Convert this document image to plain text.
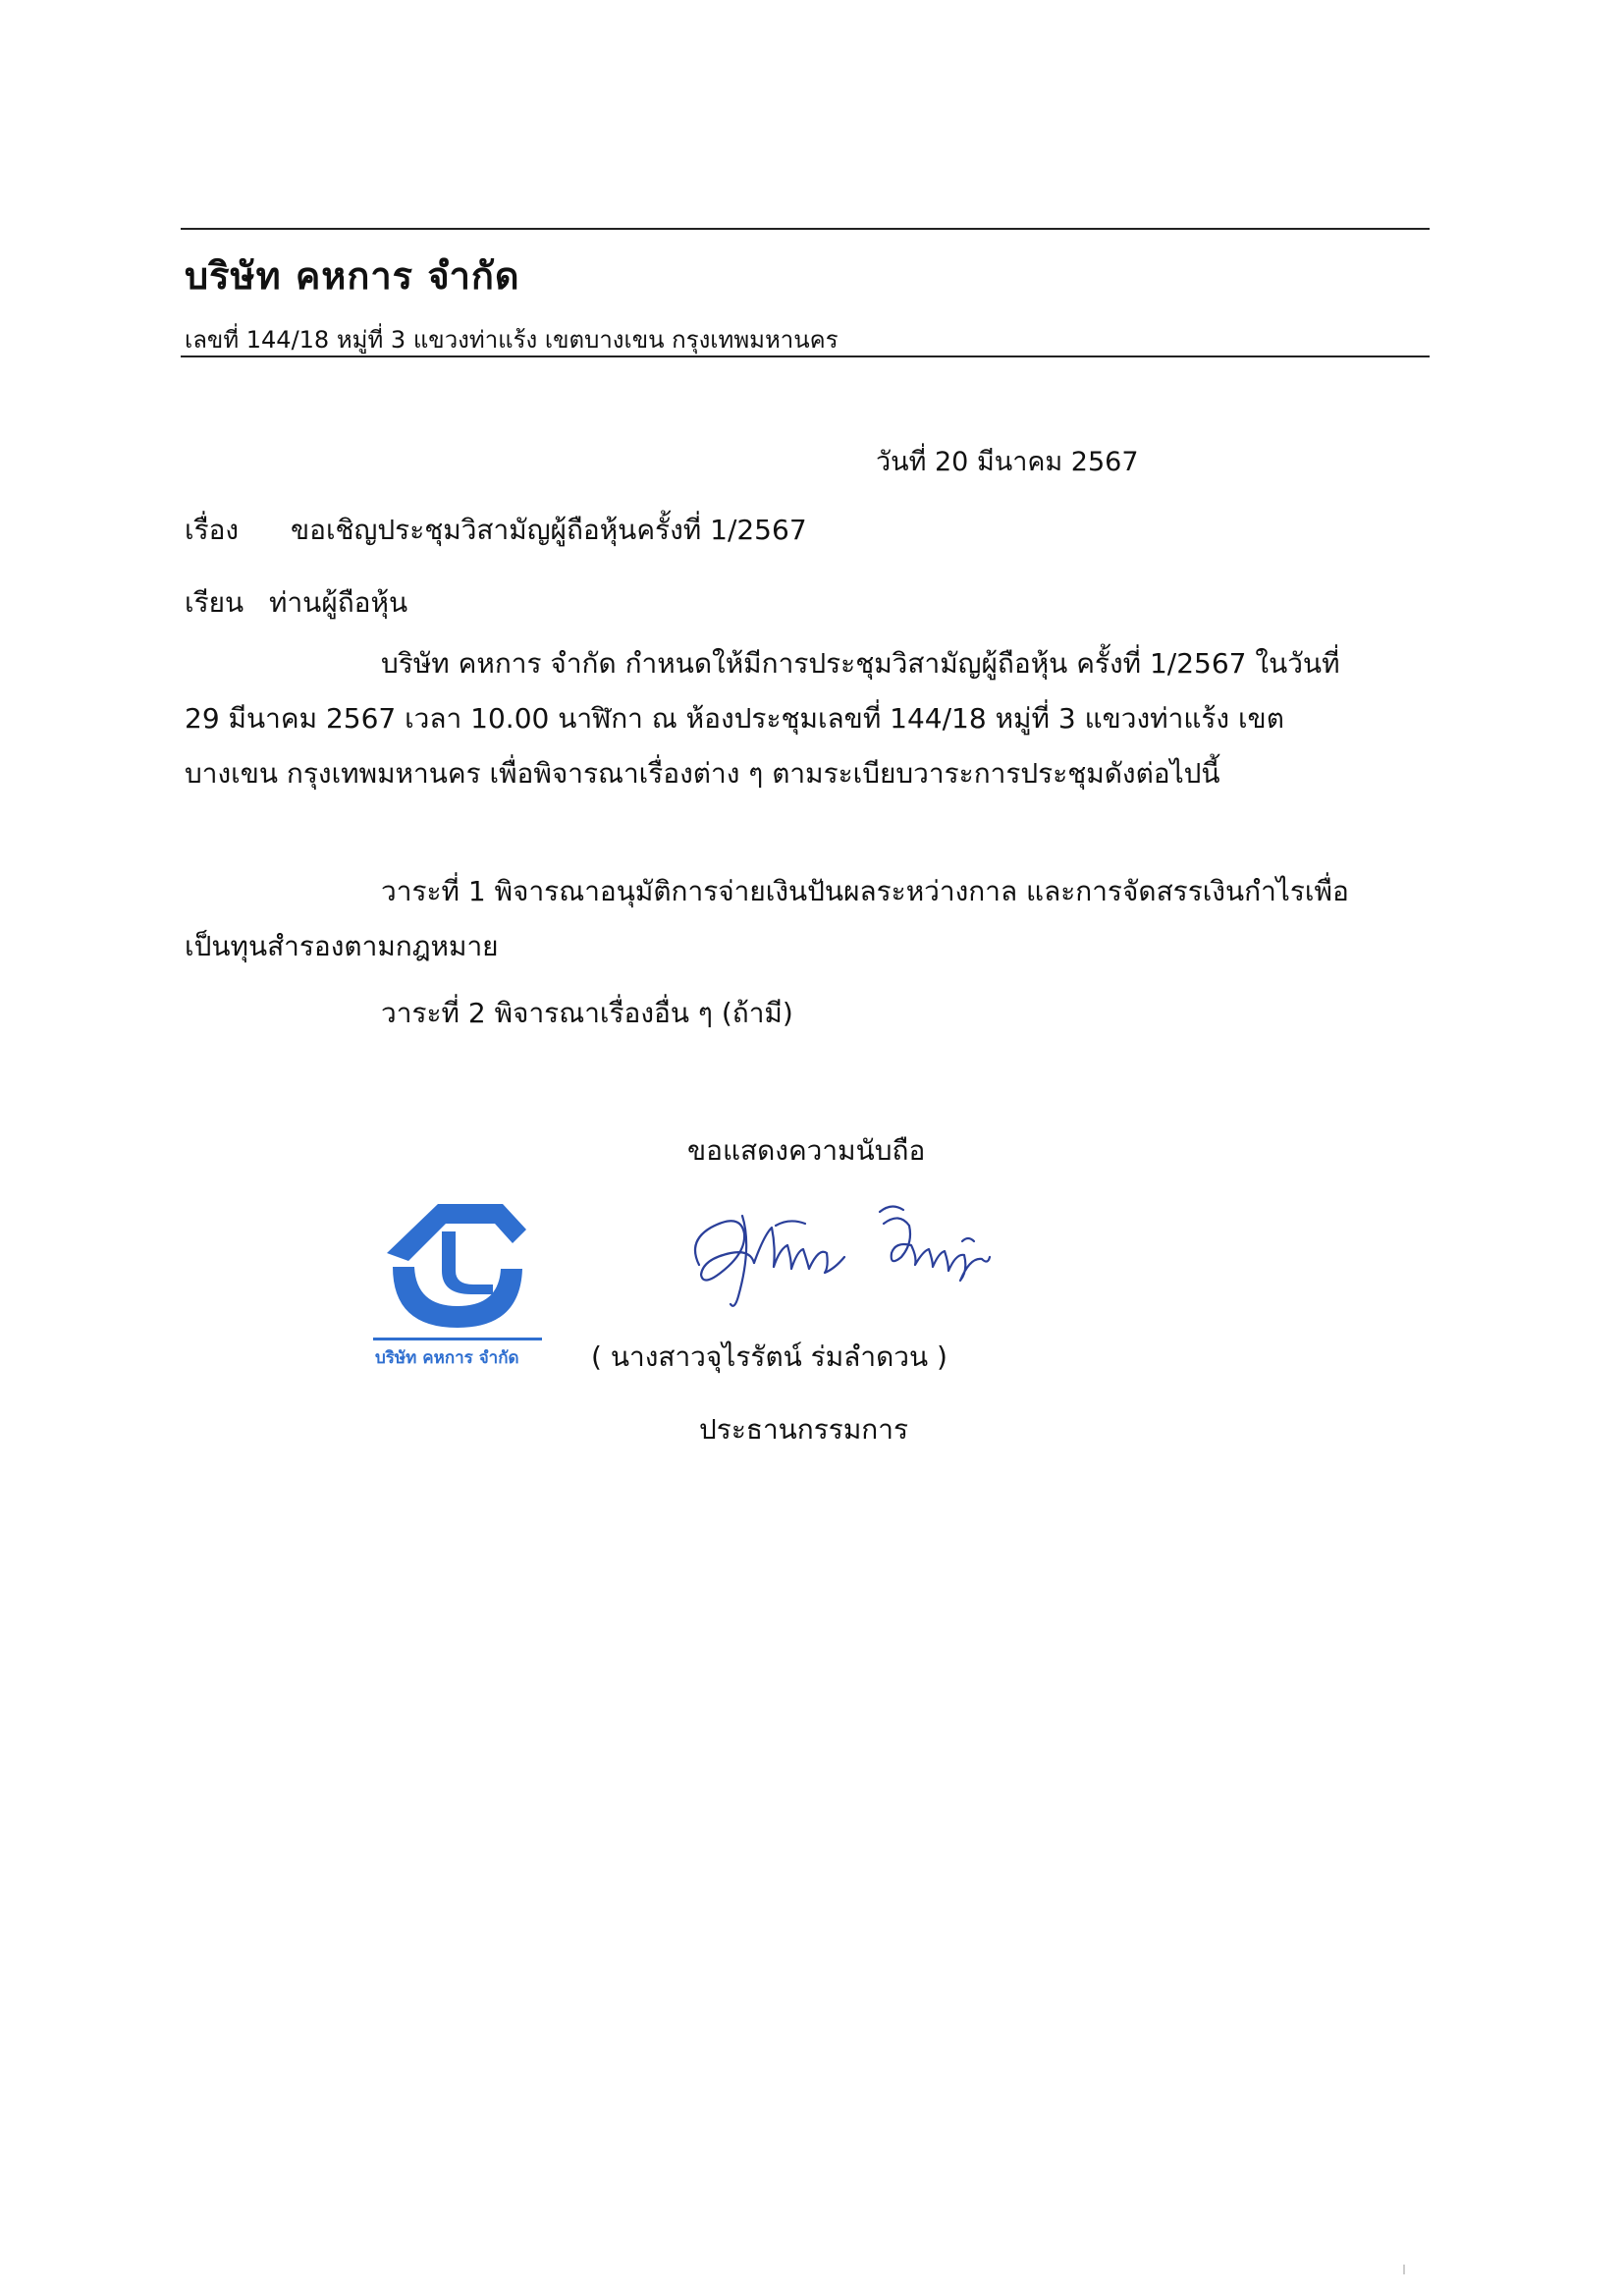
บริษัท คหการ จำกัด
เลขที่ 144/18 หมู่ที่ 3 แขวงท่าแร้ง เขตบางเขน กรุงเทพมหานคร
วันที่ 20 มีนาคม 2567
เรื่อง ขอเชิญประชุมวิสามัญผู้ถือหุ้นครั้งที่ 1/2567
เรียน ท่านผู้ถือหุ้น
บริษัท คหการ จำกัด กำหนดให้มีการประชุมวิสามัญผู้ถือหุ้น ครั้งที่ 1/2567 ในวันที่
29 มีนาคม 2567 เวลา 10.00 นาฬิกา ณ ห้องประชุมเลขที่ 144/18 หมู่ที่ 3 แขวงท่าแร้ง เขต
บางเขน กรุงเทพมหานคร เพื่อพิจารณาเรื่องต่าง ๆ ตามระเบียบวาระการประชุมดังต่อไปนี้
วาระที่ 1 พิจารณาอนุมัติการจ่ายเงินปันผลระหว่างกาล และการจัดสรรเงินกำไรเพื่อ
เป็นทุนสำรองตามกฎหมาย
วาระที่ 2 พิจารณาเรื่องอื่น ๆ (ถ้ามี)
ขอแสดงความนับถือ
บริษัท คหการ จำกัด	( นางสาวจุไรรัตน์ ร่มลำดวน )
ประธานกรรมการ
